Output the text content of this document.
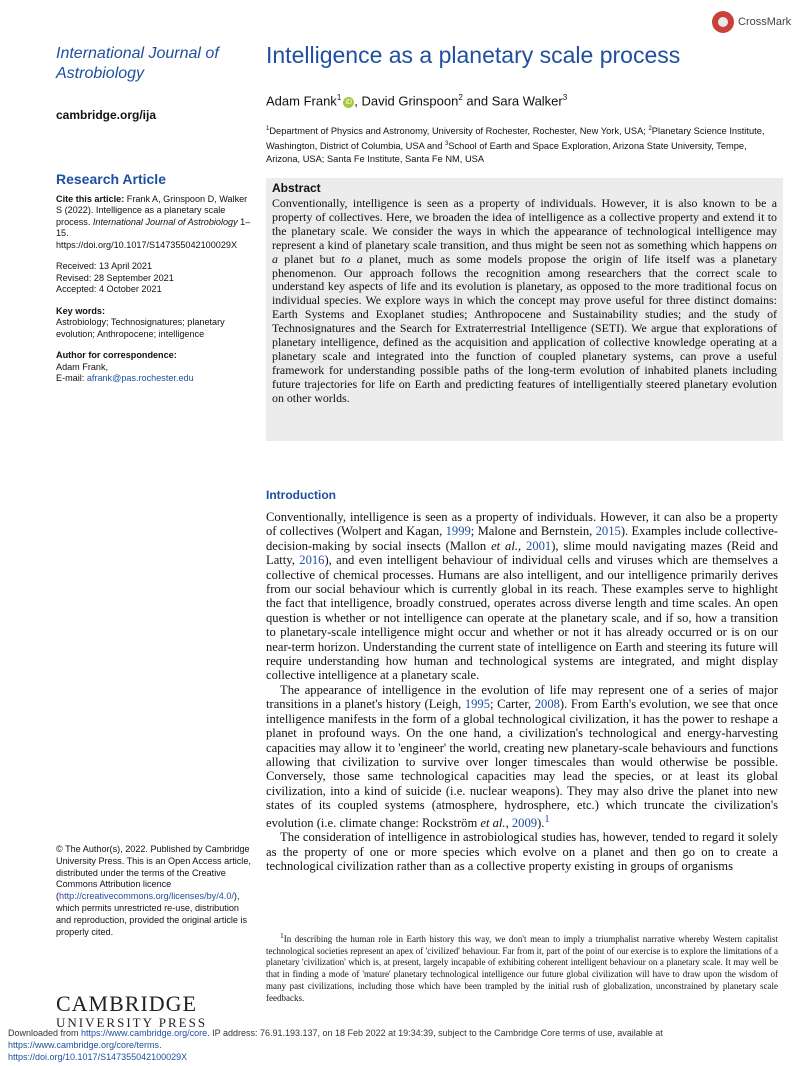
CrossMark
International Journal of Astrobiology
cambridge.org/ija
Intelligence as a planetary scale process
Adam Frank$^1$iD , David Grinspoon$^2$ and Sara Walker$^3$
$^1$Department of Physics and Astronomy, University of Rochester, Rochester, New York, USA; $^2$Planetary Science Institute, Washington, District of Columbia, USA and $^3$School of Earth and Space Exploration, Arizona State University, Tempe, Arizona, USA; Santa Fe Institute, Santa Fe NM, USA
Abstract
Conventionally, intelligence is seen as a property of individuals. However, it is also known to be a property of collectives. Here, we broaden the idea of intelligence as a collective property and extend it to the planetary scale. We consider the ways in which the appearance of technological intelligence may represent a kind of planetary scale transition, and thus might be seen not as something which happens on a planet but to a planet, much as some models propose the origin of life itself was a planetary phenomenon. Our approach follows the recognition among researchers that the correct scale to understand key aspects of life and its evolution is planetary, as opposed to the more traditional focus on individual species. We explore ways in which the concept may prove useful for three distinct domains: Earth Systems and Exoplanet studies; Anthropocene and Sustainability studies; and the study of Technosignatures and the Search for Extraterrestrial Intelligence (SETI). We argue that explorations of planetary intelligence, defined as the acquisition and application of collective knowledge operating at a planetary scale and integrated into the function of coupled planetary systems, can prove a useful framework for understanding possible paths of the long-term evolution of inhabited planets including future trajectories for life on Earth and predicting features of intelligentially steered planetary evolution on other worlds.
Research Article
Cite this article: Frank A, Grinspoon D, Walker S (2022). Intelligence as a planetary scale process. International Journal of Astrobiology 1–15. https://doi.org/10.1017/S147355042100029X
Received: 13 April 2021
Revised: 28 September 2021
Accepted: 4 October 2021
Key words:
Astrobiology; Technosignatures; planetary evolution; Anthropocene; intelligence
Author for correspondence:
Adam Frank,
E-mail: afrank@pas.rochester.edu
© The Author(s), 2022. Published by Cambridge University Press. This is an Open Access article, distributed under the terms of the Creative Commons Attribution licence (http://creativecommons.org/licenses/by/4.0/), which permits unrestricted re-use, distribution and reproduction, provided the original article is properly cited.
CAMBRIDGE
UNIVERSITY PRESS
Introduction

Conventionally, intelligence is seen as a property of individuals. However, it can also be a property of collectives (Wolpert and Kagan, 1999; Malone and Bernstein, 2015). Examples include collective-decision-making by social insects (Mallon et al., 2001), slime mould navigating mazes (Reid and Latty, 2016), and even intelligent behaviour of individual cells and viruses which are themselves a collective of chemical processes. Humans are also intelligent, and our intelligence primarily derives from our social behaviour which is currently global in its reach. These examples serve to highlight the fact that intelligence, broadly construed, operates across diverse length and time scales. An open question is whether or not intelligence can operate at the planetary scale, and if so, how a transition to planetary-scale intelligence might occur and whether or not it has already occurred or is on our near-term horizon. Understanding the current state of intelligence on Earth and steering its future will require understanding how human and technological systems are integrated, and might display collective intelligence at a planetary scale.

The appearance of intelligence in the evolution of life may represent one of a series of major transitions in a planet's history (Leigh, 1995; Carter, 2008). From Earth's evolution, we see that once intelligence manifests in the form of a global technological civilization, it has the power to reshape a planet in profound ways. On the one hand, a civilization's technological and energy-harvesting capacities may allow it to 'engineer' the world, creating new planetary-scale behaviours and functions allowing that civilization to survive over longer timescales than would otherwise be possible. Conversely, those same technological capacities may lead the species, or at least its global civilization, into a kind of suicide (i.e. nuclear weapons). They may also drive the planet into new states of its coupled systems (atmosphere, hydrosphere, etc.) which truncate the civilization's evolution (i.e. climate change: Rockström et al., 2009).$^1$

The consideration of intelligence in astrobiological studies has, however, tended to regard it solely as the property of one or more species which evolve on a planet and then go on to create a technological civilization rather than as a collective property existing in groups of organisms

$^1$In describing the human role in Earth history this way, we don't mean to imply a triumphalist narrative whereby Western capitalist technological societies represent an apex of 'civilized' behaviour. Far from it, part of the point of our exercise is to explore the limitations of a planetary 'civilization' which is, at present, largely incapable of exhibiting coherent intelligent behaviour on a planetary scale. It may well be that in finding a mode of 'mature' planetary technological intelligence our future global civilization will have to draw upon the wisdom of many past civilizations, including those which have been trampled by the initial rush of globalization, unconstrained by planetary scale feedbacks.

Downloaded from https://www.cambridge.org/core. IP address: 76.91.193.137, on 18 Feb 2022 at 19:34:39, subject to the Cambridge Core terms of use, available at https://www.cambridge.org/core/terms.
https://doi.org/10.1017/S147355042100029X
